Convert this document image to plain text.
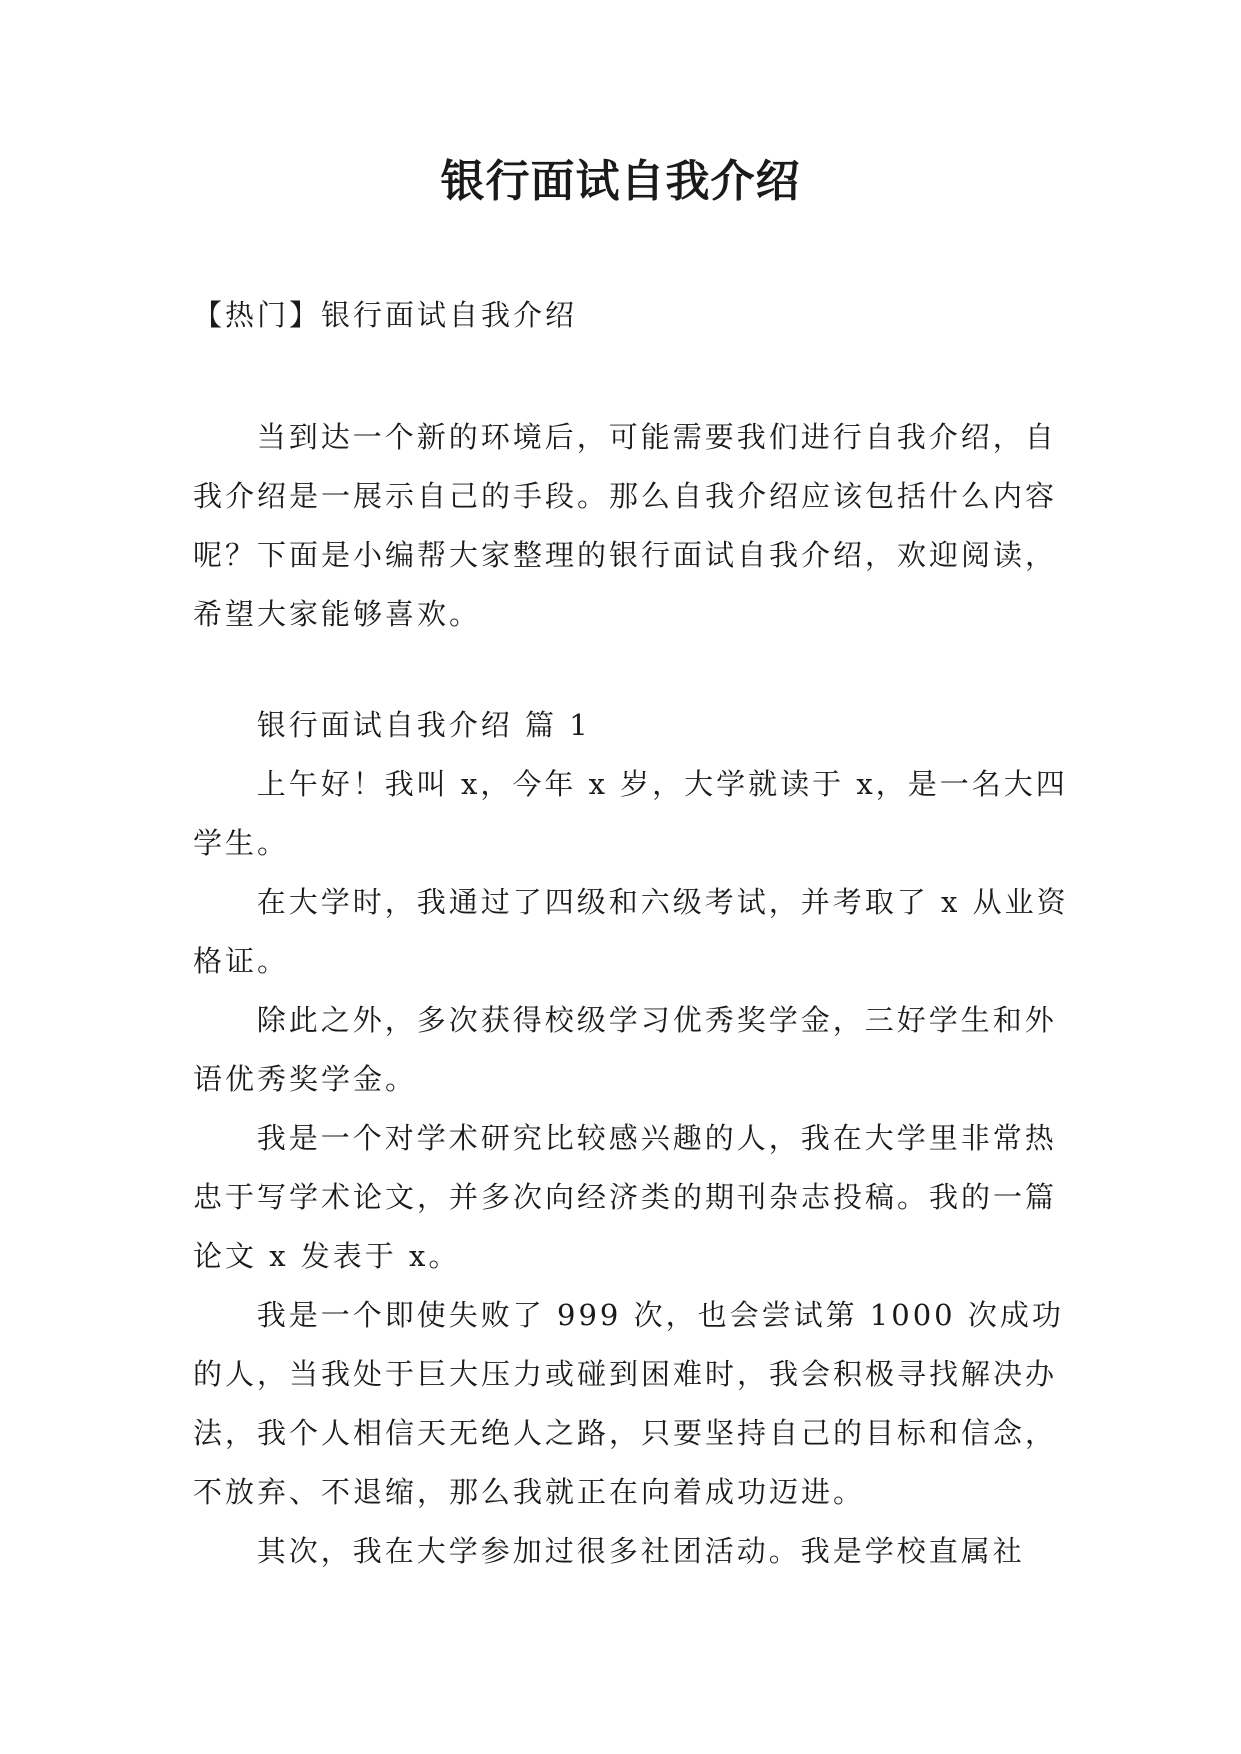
银行面试自我介绍

【热门】银行面试自我介绍

当到达一个新的环境后，可能需要我们进行自我介绍，自我介绍是一展示自己的手段。那么自我介绍应该包括什么内容呢？下面是小编帮大家整理的银行面试自我介绍，欢迎阅读，希望大家能够喜欢。

银行面试自我介绍 篇 1

上午好！我叫 x，今年 x 岁，大学就读于 x，是一名大四学生。

在大学时，我通过了四级和六级考试，并考取了 x 从业资格证。

除此之外，多次获得校级学习优秀奖学金，三好学生和外语优秀奖学金。

我是一个对学术研究比较感兴趣的人，我在大学里非常热忠于写学术论文，并多次向经济类的期刊杂志投稿。我的一篇论文 x 发表于 x。

我是一个即使失败了 999 次，也会尝试第 1000 次成功的人，当我处于巨大压力或碰到困难时，我会积极寻找解决办法，我个人相信天无绝人之路，只要坚持自己的目标和信念，不放弃、不退缩，那么我就正在向着成功迈进。

其次，我在大学参加过很多社团活动。我是学校直属社
